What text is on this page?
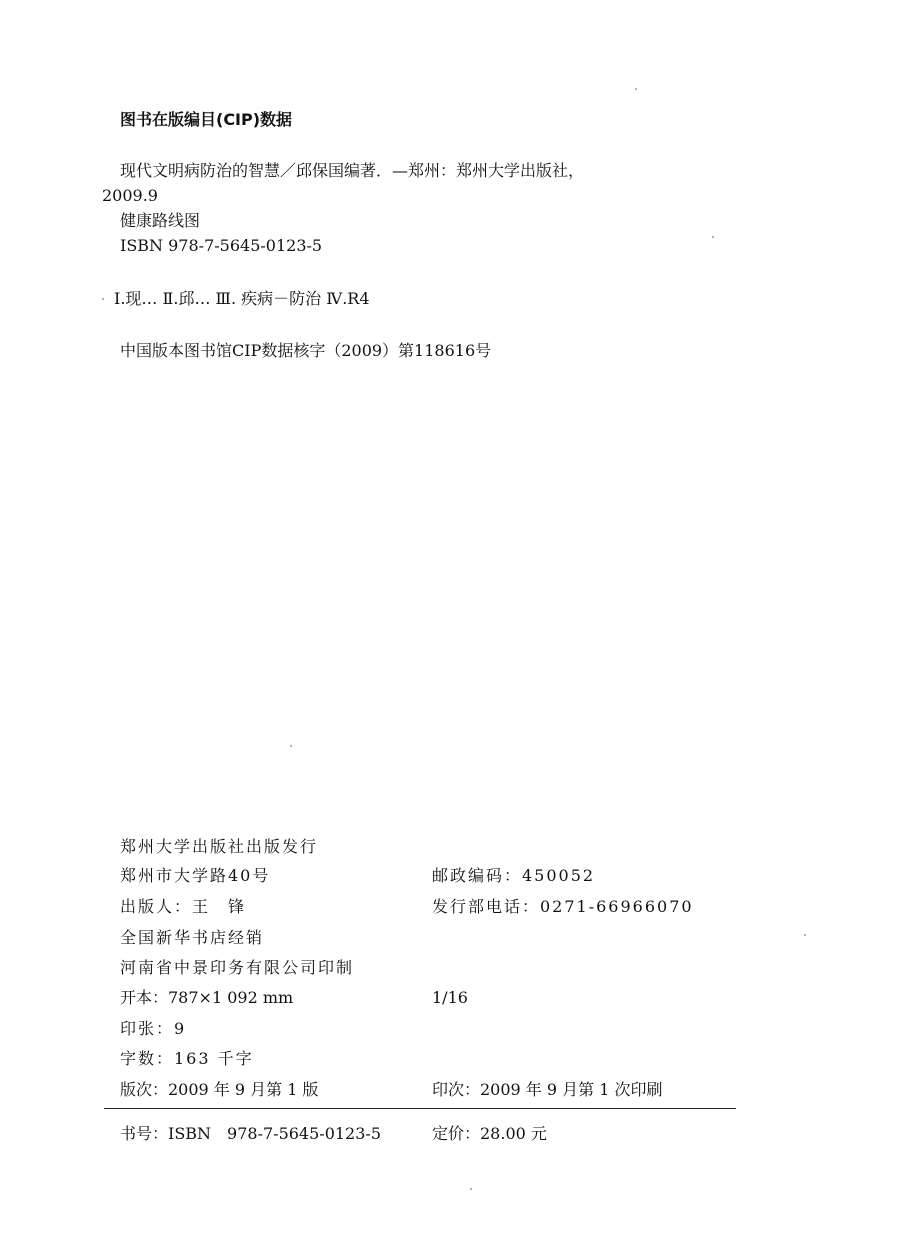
图书在版编目(CIP)数据
现代文明病防治的智慧／邱保国编著．—郑州：郑州大学出版社，
2009.9
健康路线图
ISBN 978-7-5645-0123-5
Ⅰ.现… Ⅱ.邱… Ⅲ. 疾病－防治 Ⅳ.R4
中国版本图书馆CIP数据核字（2009）第118616号
郑州大学出版社出版发行
郑州市大学路40号	邮政编码：450052
出版人：王　锋	发行部电话：0271-66966070
全国新华书店经销
河南省中景印务有限公司印制
开本：787×1 092 mm	1/16
印张：9
字数：163 千字
版次：2009 年 9 月第 1 版	印次：2009 年 9 月第 1 次印刷
书号：ISBN　978-7-5645-0123-5	定价：28.00 元
